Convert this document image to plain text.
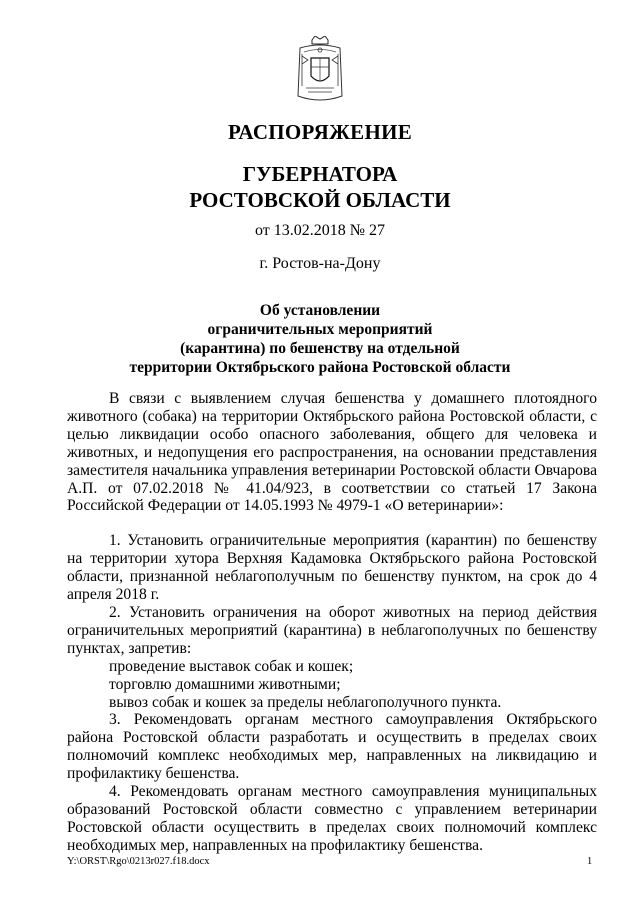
РАСПОРЯЖЕНИЕ
ГУБЕРНАТОРА
РОСТОВСКОЙ ОБЛАСТИ
от 13.02.2018 № 27
г. Ростов-на-Дону
Об установлении
ограничительных мероприятий
(карантина) по бешенству на отдельной
территории Октябрьского района Ростовской области

В связи с выявлением случая бешенства у домашнего плотоядного животного (собака) на территории Октябрьского района Ростовской области, с целью ликвидации особо опасного заболевания, общего для человека и животных, и недопущения его распространения, на основании представления заместителя начальника управления ветеринарии Ростовской области Овчарова А.П. от 07.02.2018 № 41.04/923, в соответствии со статьей 17 Закона Российской Федерации от 14.05.1993 № 4979-1 «О ветеринарии»:

1. Установить ограничительные мероприятия (карантин) по бешенству на территории хутора Верхняя Кадамовка Октябрьского района Ростовской области, признанной неблагополучным по бешенству пунктом, на срок до 4 апреля 2018 г.

2. Установить ограничения на оборот животных на период действия ограничительных мероприятий (карантина) в неблагополучных по бешенству пунктах, запретив:

проведение выставок собак и кошек;

торговлю домашними животными;

вывоз собак и кошек за пределы неблагополучного пункта.

3. Рекомендовать органам местного самоуправления Октябрьского района Ростовской области разработать и осуществить в пределах своих полномочий комплекс необходимых мер, направленных на ликвидацию и профилактику бешенства.

4. Рекомендовать органам местного самоуправления муниципальных образований Ростовской области совместно с управлением ветеринарии Ростовской области осуществить в пределах своих полномочий комплекс необходимых мер, направленных на профилактику бешенства.

Y:\ORST\Rgo\0213r027.f18.docx	1
